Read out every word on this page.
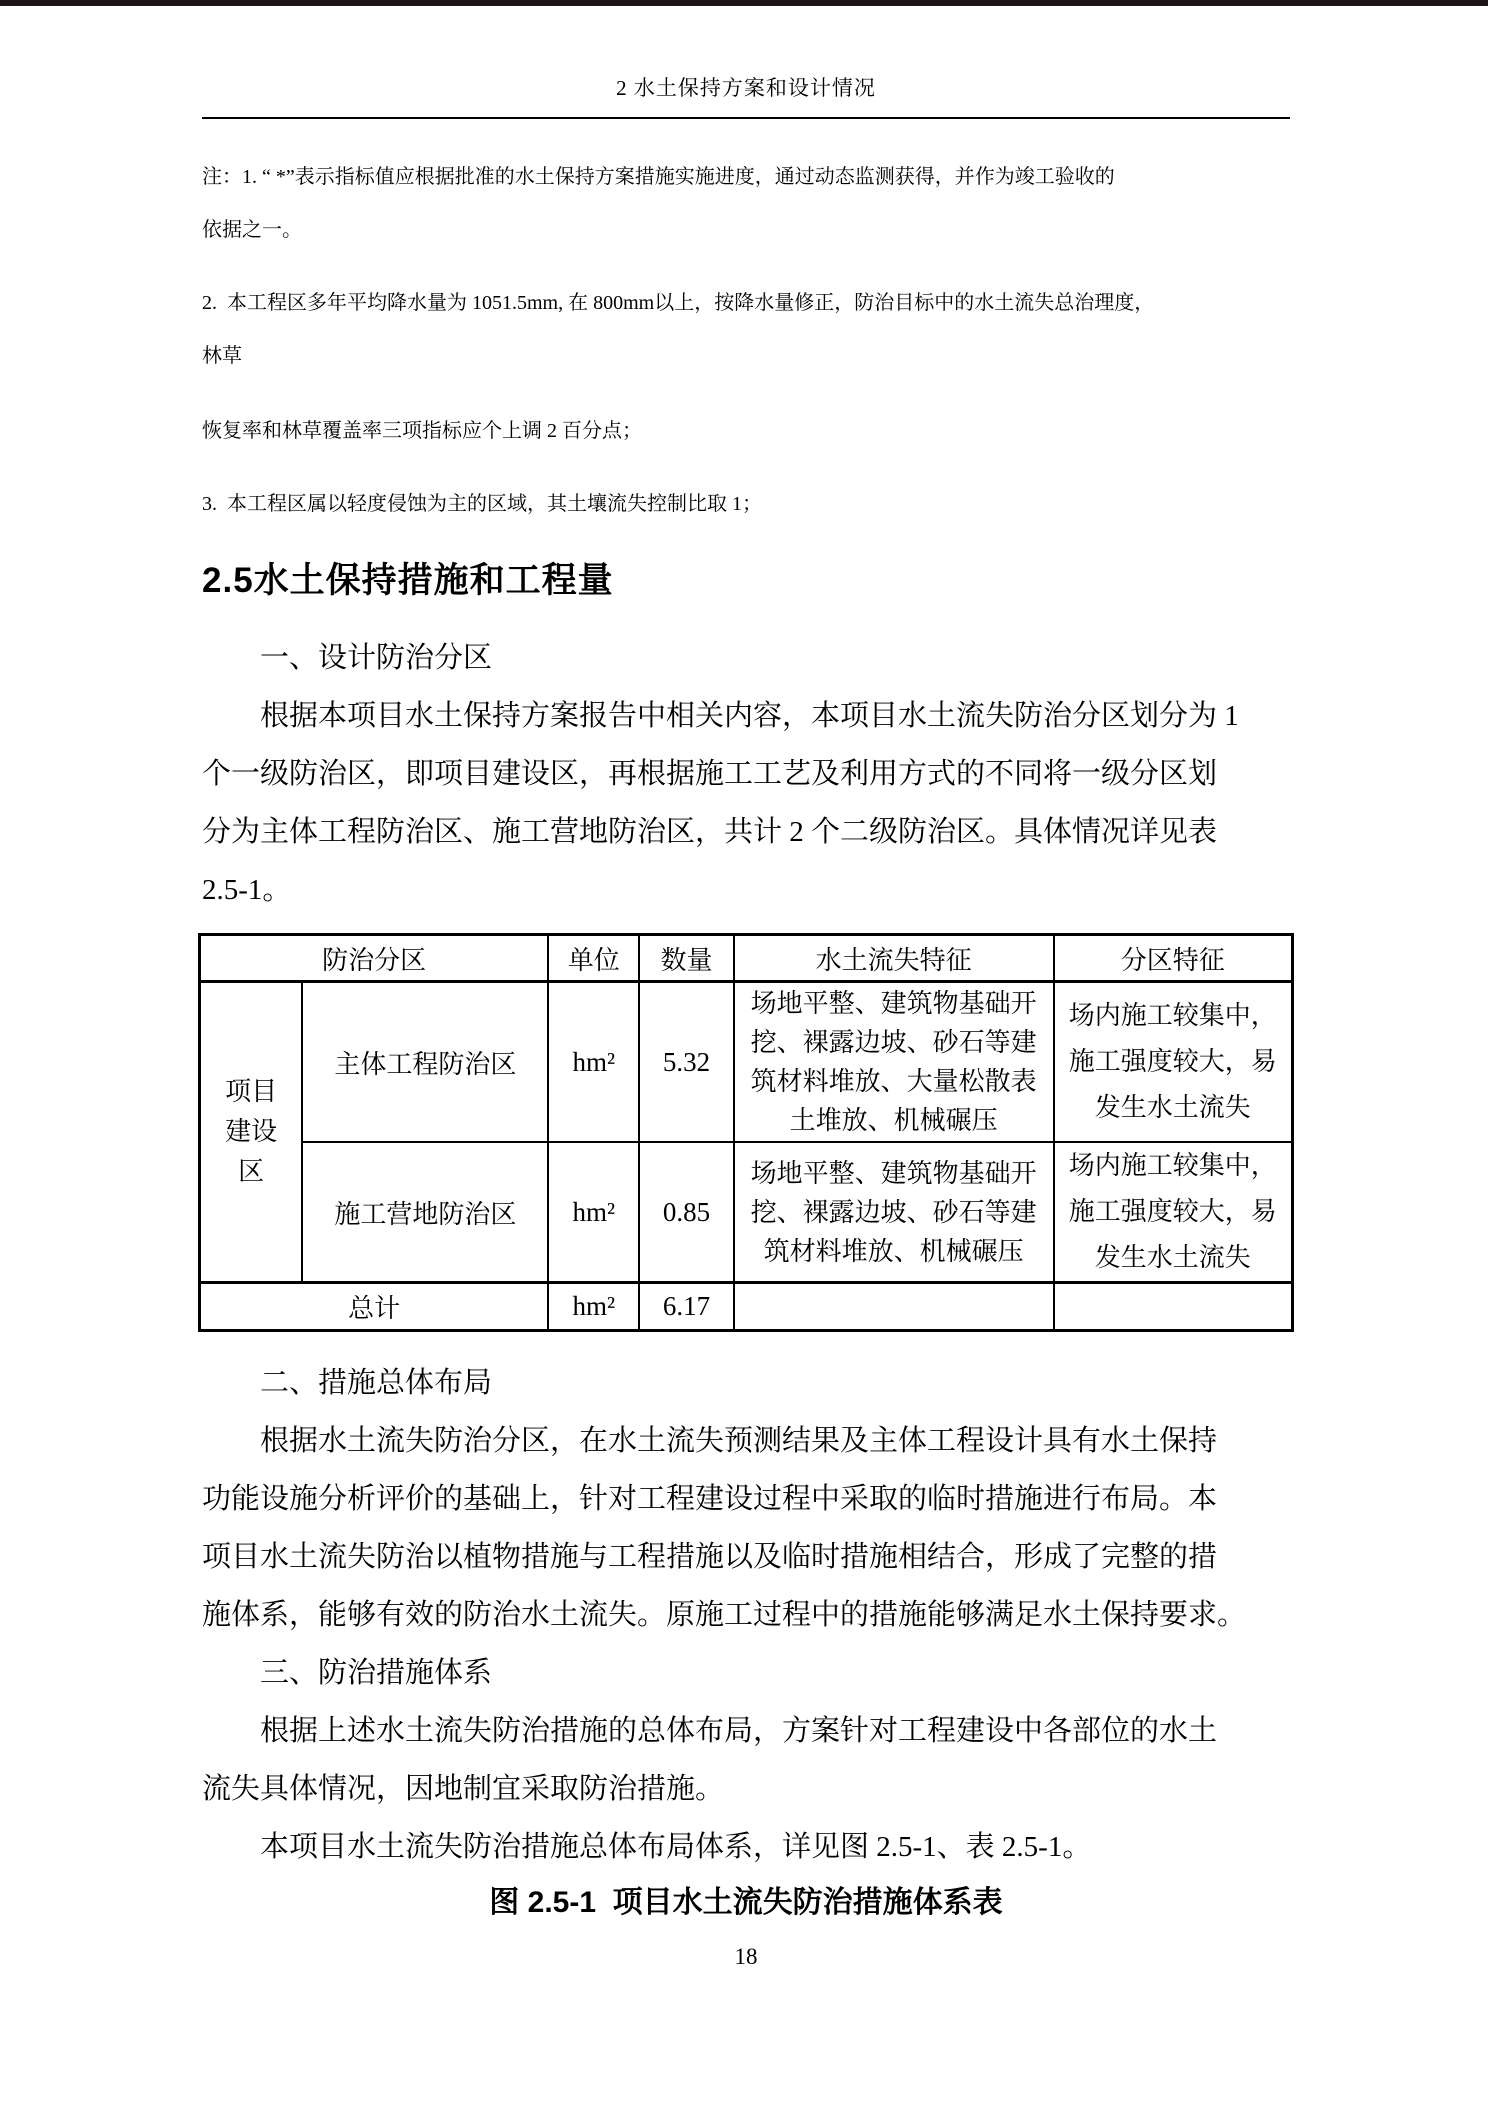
2 水土保持方案和设计情况
注：1. “ *”表示指标值应根据批准的水土保持方案措施实施进度，通过动态监测获得，并作为竣工验收的
依据之一。
2.  本工程区多年平均降水量为 1051.5mm, 在 800mm以上，按降水量修正，防治目标中的水土流失总治理度，
林草
恢复率和林草覆盖率三项指标应个上调 2 百分点；
3.  本工程区属以轻度侵蚀为主的区域，其土壤流失控制比取 1；
2.5水土保持措施和工程量
一、设计防治分区
根据本项目水土保持方案报告中相关内容，本项目水土流失防治分区划分为 1
个一级防治区，即项目建设区，再根据施工工艺及利用方式的不同将一级分区划
分为主体工程防治区、施工营地防治区，共计 2 个二级防治区。具体情况详见表
2.5-1。
防治分区		单位	数量	水土流失特征	分区特征

项目
建设
区	主体工程防治区	hm²	5.32	场地平整、建筑物基础开挖、裸露边坡、砂石等建筑材料堆放、大量松散表土堆放、机械碾压	场内施工较集中，施工强度较大，易发生水土流失
	施工营地防治区	hm²	0.85	场地平整、建筑物基础开挖、裸露边坡、砂石等建筑材料堆放、机械碾压	场内施工较集中，施工强度较大，易发生水土流失
总计		hm²	6.17		
二、措施总体布局
根据水土流失防治分区，在水土流失预测结果及主体工程设计具有水土保持
功能设施分析评价的基础上，针对工程建设过程中采取的临时措施进行布局。本
项目水土流失防治以植物措施与工程措施以及临时措施相结合，形成了完整的措
施体系，能够有效的防治水土流失。原施工过程中的措施能够满足水土保持要求。
三、防治措施体系
根据上述水土流失防治措施的总体布局，方案针对工程建设中各部位的水土
流失具体情况，因地制宜采取防治措施。
本项目水土流失防治措施总体布局体系，详见图 2.5-1、表 2.5-1。
图 2.5-1  项目水土流失防治措施体系表
18
